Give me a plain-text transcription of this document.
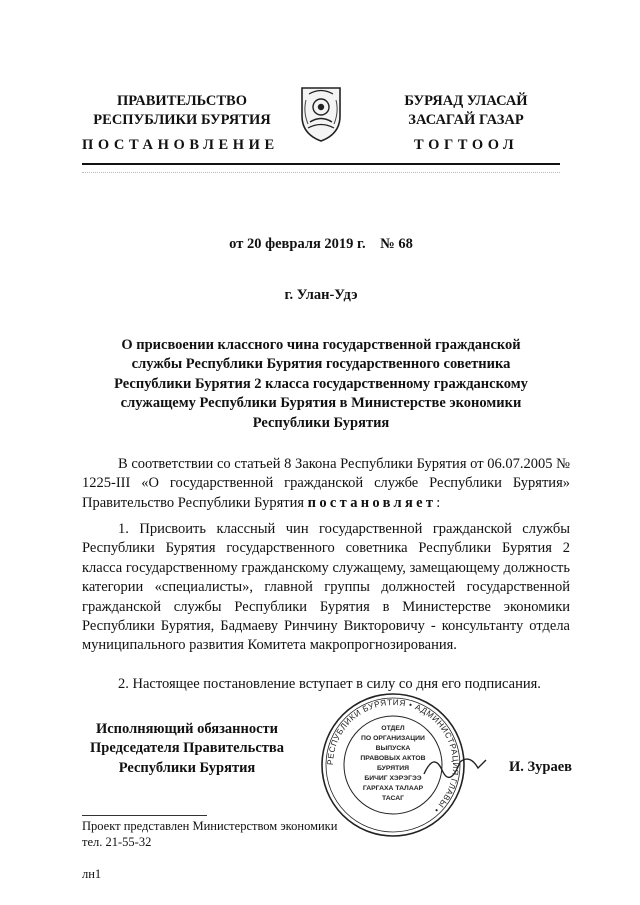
ПРАВИТЕЛЬСТВО
РЕСПУБЛИКИ БУРЯТИЯ
БУРЯАД УЛАСАЙ
ЗАСАГАЙ ГАЗАР
ПОСТАНОВЛЕНИЕ	ТОГТООЛ
от 20 февраля 2019 г.    № 68
г. Улан-Удэ
О присвоении классного чина государственной гражданской
службы Республики Бурятия государственного советника
Республики Бурятия 2 класса государственному гражданскому
служащему Республики Бурятия в Министерстве экономики
Республики Бурятия
В соответствии со статьей 8 Закона Республики Бурятия от 06.07.2005 № 1225-III «О государственной гражданской службе Республики Бурятия» Правительство Республики Бурятия постановляет:
1. Присвоить классный чин государственной гражданской службы Республики Бурятия государственного советника Республики Бурятия 2 класса государственному гражданскому служащему, замещающему должность категории «специалисты», главной группы должностей государственной гражданской службы Республики Бурятия в Министерстве экономики Республики Бурятия, Бадмаеву Ринчину Викторовичу - консультанту отдела муниципального развития Комитета макропрогнозирования.
2. Настоящее постановление вступает в силу со дня его подписания.
Исполняющий обязанности
Председателя Правительства
Республики Бурятия	РЕСПУБЛИКИ БУРЯТИЯ • АДМИНИСТРАЦИЯ ГЛАВЫ •
ОТДЕЛ
ПО ОРГАНИЗАЦИИ
ВЫПУСКА
ПРАВОВЫХ АКТОВ
БУРЯТИЯ
БИЧИГ ХЭРЭГЭЭ
ГАРГАХА ТАЛААР
ТАСАГ
И. Зураев
Проект представлен Министерством экономики
тел. 21-55-32
лн1
